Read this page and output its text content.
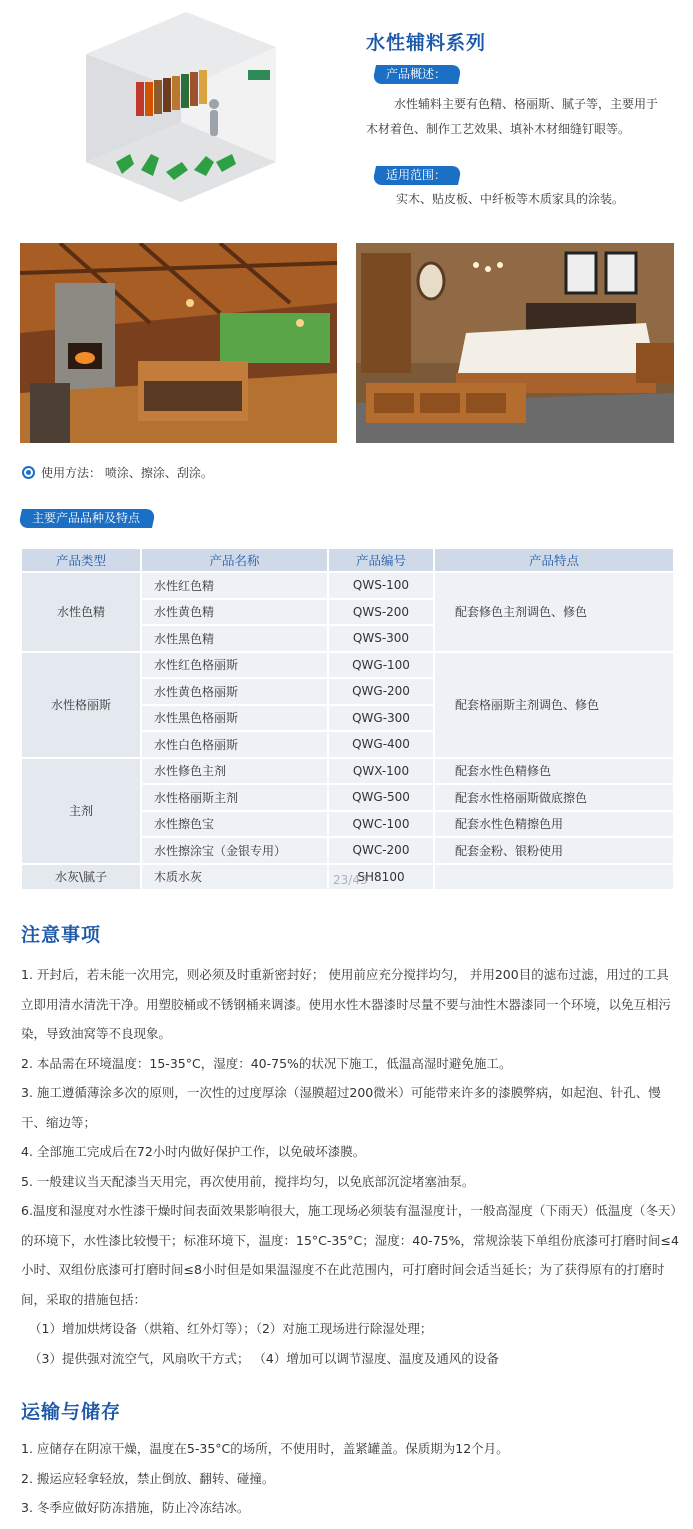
水性辅料系列
产品概述：
水性辅料主要有色精、格丽斯、腻子等，主要用于木材着色、制作工艺效果、填补木材细缝钉眼等。
适用范围：
实木、贴皮板、中纤板等木质家具的涂装。
使用方法： 喷涂、擦涂、刮涂。
主要产品品种及特点
产品类型	产品名称	产品编号	产品特点
水性色精	水性红色精	QWS-100	配套修色主剂调色、修色
	水性黄色精	QWS-200	
	水性黑色精	QWS-300	
水性格丽斯	水性红色格丽斯	QWG-100	配套格丽斯主剂调色、修色
	水性黄色格丽斯	QWG-200	
	水性黑色格丽斯	QWG-300	
	水性白色格丽斯	QWG-400	
主剂	水性修色主剂	QWX-100	配套水性色精修色
	水性格丽斯主剂	QWG-500	配套水性格丽斯做底擦色
	水性擦色宝	QWC-100	配套水性色精擦色用
	水性擦涂宝（金银专用）	QWC-200	配套金粉、银粉使用
水灰\腻子	木质水灰	SH8100	
23/43
注意事项

1. 开封后，若未能一次用完，则必须及时重新密封好； 使用前应充分搅拌均匀， 并用200目的滤布过滤，用过的工具立即用清水清洗干净。用塑胶桶或不锈钢桶来调漆。使用水性木器漆时尽量不要与油性木器漆同一个环境，以免互相污染，导致油窝等不良现象。

2. 本品需在环境温度：15-35°C，湿度：40-75%的状况下施工，低温高湿时避免施工。

3. 施工遵循薄涂多次的原则，一次性的过度厚涂（湿膜超过200微米）可能带来许多的漆膜弊病，如起泡、针孔、慢干、缩边等；

4. 全部施工完成后在72小时内做好保护工作，以免破坏漆膜。

5. 一般建议当天配漆当天用完，再次使用前，搅拌均匀，以免底部沉淀堵塞油泵。

6.温度和湿度对水性漆干燥时间表面效果影响很大，施工现场必须装有温湿度计，一般高湿度（下雨天）低温度（冬天）的环境下，水性漆比较慢干；标准环境下，温度：15°C-35°C；湿度：40-75%，常规涂装下单组份底漆可打磨时间≤4小时、双组份底漆可打磨时间≤8小时但是如果温湿度不在此范围内，可打磨时间会适当延长；为了获得原有的打磨时间，采取的措施包括：

（1）增加烘烤设备（烘箱、红外灯等）；（2）对施工现场进行除湿处理；

（3）提供强对流空气，风扇吹干方式； （4）增加可以调节湿度、温度及通风的设备

运输与储存

1. 应储存在阴凉干燥，温度在5-35°C的场所，不使用时，盖紧罐盖。保质期为12个月。

2. 搬运应轻拿轻放，禁止倒放、翻转、碰撞。

3. 冬季应做好防冻措施，防止冷冻结冰。
